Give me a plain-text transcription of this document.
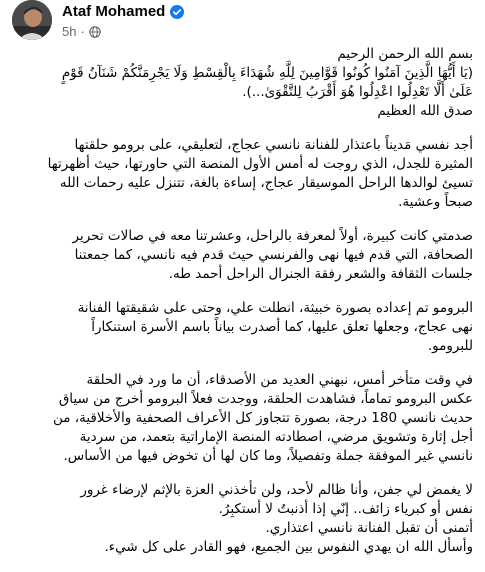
Ataf Mohamed
5h ·

بسم الله الرحمن الرحيم
(يَا أَيُّهَا الَّذِينَ آمَنُوا كُونُوا قَوَّامِينَ لِلَّهِ شُهَدَاءَ بِالْقِسْطِ وَلَا يَجْرِمَنَّكُمْ شَنَآنُ قَوْمٍ
عَلَىٰ أَلَّا تَعْدِلُوا اعْدِلُوا هُوَ أَقْرَبُ لِلتَّقْوَىٰ...).
صدق الله العظيم

أجد نفسي مَديناً باعتذار للفنانة نانسي عجاج، لتعليقي، على برومو حلقتها
المثيرة للجدل، الذي روجت له أمس الأول المنصة التي حاورتها، حيث أظهرتها
تسيئ لوالدها الراحل الموسيقار عجاج، إساءة بالغة، تتنزل عليه رحمات الله
صبحاً وعشية.

صدمتي كانت كبيرة، أولاً لمعرفة بالراحل، وعشرتنا معه في صالات تحرير
الصحافة، التي قدم فيها نهى والفرنسي حيث قدم فيه نانسي، كما جمعتنا
جلسات الثقافة والشعر رفقة الجنرال الراحل أحمد طه.

البرومو تم إعداده بصورة خبيثة، انطلت علي، وحتى على شقيقتها الفنانة
نهى عجاج، وجعلها تعلق عليها، كما أصدرت بياناً باسم الأسرة استنكاراً
للبرومو.

في وقت متأخر أمس، نبهني العديد من الأصدقاء، أن ما ورد في الحلقة
عكس البرومو تماماً، فشاهدت الحلقة، ووجدت فعلاً البرومو أخرج من سياق
حديث نانسي 180 درجة، بصورة تتجاوز كل الأعراف الصحفية والأخلاقية، من
أجل إثارة وتشويق مرضي، اصطادته المنصة الإماراتية بتعمد، من سردية
نانسي غير الموفقة جملة وتفصيلاً، وما كان لها أن تخوض فيها من الأساس.

لا يغمض لي جفن، وأنا ظالم لأحد، ولن تأخذني العزة بالإثم لإرضاء غرور
نفس أو كبرياء زائف.. إنّي إذا أذنبتُ لا أستكبِرُ.
أتمنى أن تقبل الفنانة نانسي اعتذاري.
وأسأل الله ان يهدي النفوس بين الجميع، فهو القادر على كل شيء.
